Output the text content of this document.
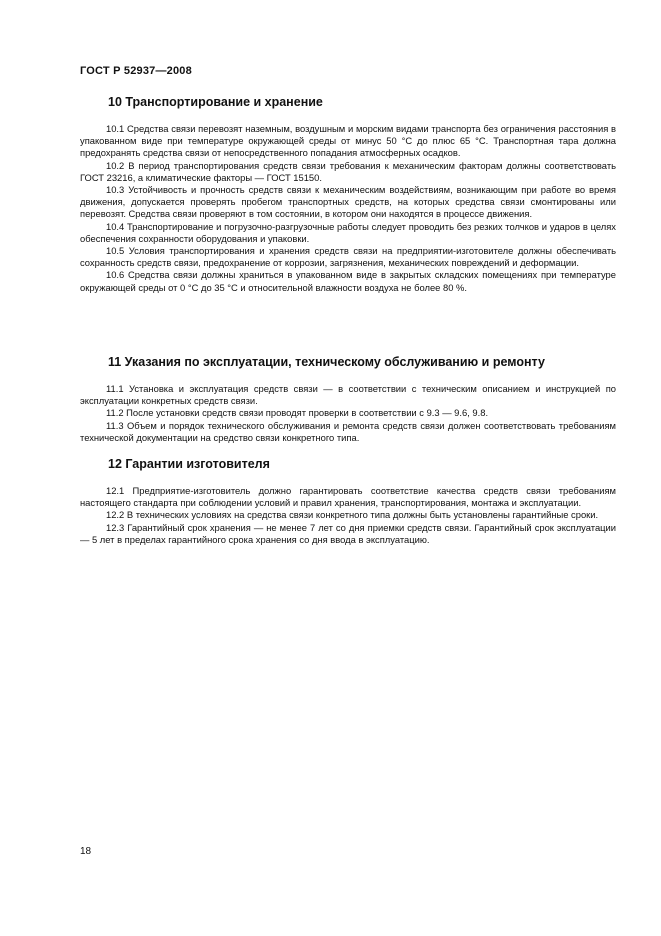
ГОСТ Р 52937—2008
10 Транспортирование и хранение

10.1 Средства связи перевозят наземным, воздушным и морским видами транспорта без ограничения расстояния в упакованном виде при температуре окружающей среды от минус 50 °С до плюс 65 °С. Транспортная тара должна предохранять средства связи от непосредственного попадания атмосферных осадков.

10.2 В период транспортирования средств связи требования к механическим факторам должны соответствовать ГОСТ 23216, а климатические факторы — ГОСТ 15150.

10.3 Устойчивость и прочность средств связи к механическим воздействиям, возникающим при работе во время движения, допускается проверять пробегом транспортных средств, на которых средства связи смонтированы или перевозят. Средства связи проверяют в том состоянии, в котором они находятся в процессе движения.

10.4 Транспортирование и погрузочно-разгрузочные работы следует проводить без резких толчков и ударов в целях обеспечения сохранности оборудования и упаковки.

10.5 Условия транспортирования и хранения средств связи на предприятии-изготовителе должны обеспечивать сохранность средств связи, предохранение от коррозии, загрязнения, механических повреждений и деформации.

10.6 Средства связи должны храниться в упакованном виде в закрытых складских помещениях при температуре окружающей среды от 0 °С до 35 °С и относительной влажности воздуха не более 80 %.

11 Указания по эксплуатации, техническому обслуживанию и ремонту

11.1 Установка и эксплуатация средств связи — в соответствии с техническим описанием и инструкцией по эксплуатации конкретных средств связи.

11.2 После установки средств связи проводят проверки в соответствии с 9.3 — 9.6, 9.8.

11.3 Объем и порядок технического обслуживания и ремонта средств связи должен соответствовать требованиям технической документации на средство связи конкретного типа.

12 Гарантии изготовителя

12.1 Предприятие-изготовитель должно гарантировать соответствие качества средств связи требованиям настоящего стандарта при соблюдении условий и правил хранения, транспортирования, монтажа и эксплуатации.

12.2 В технических условиях на средства связи конкретного типа должны быть установлены гарантийные сроки.

12.3 Гарантийный срок хранения — не менее 7 лет со дня приемки средств связи. Гарантийный срок эксплуатации — 5 лет в пределах гарантийного срока хранения со дня ввода в эксплуатацию.

18
